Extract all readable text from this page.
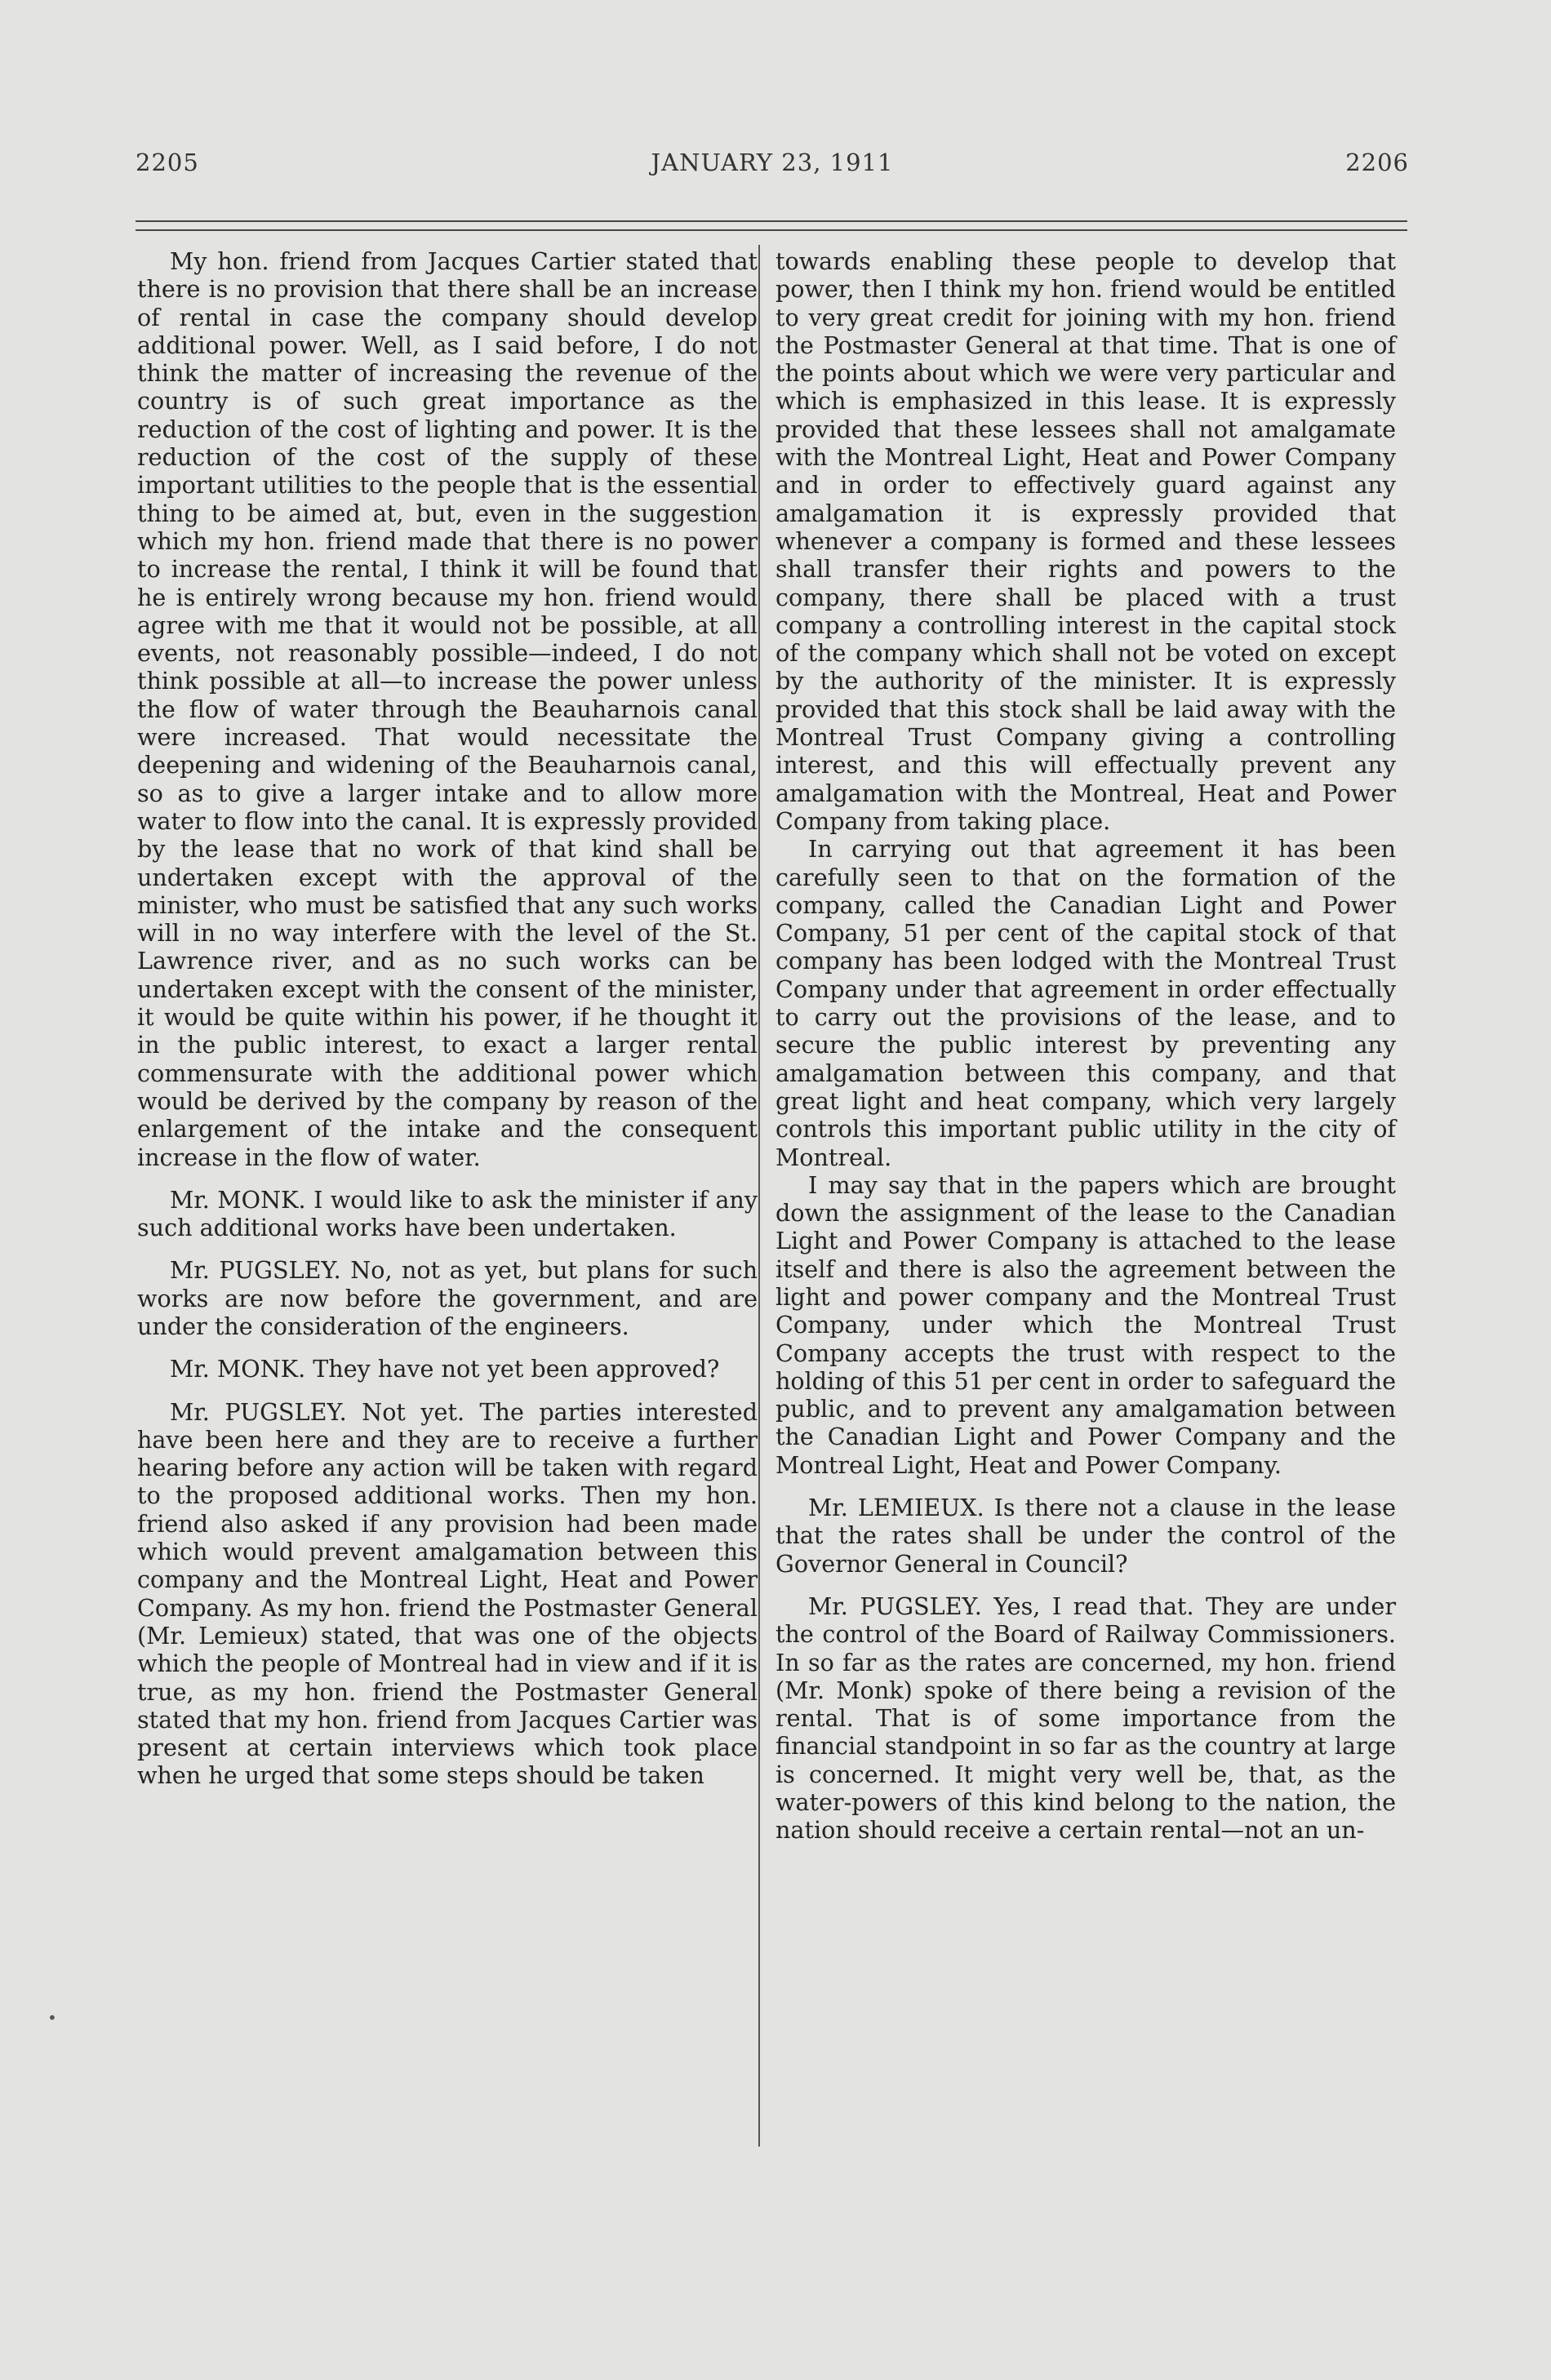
2205	JANUARY 23, 1911	2206

My hon. friend from Jacques Cartier stated that there is no provision that there shall be an increase of rental in case the company should develop additional power. Well, as I said before, I do not think the matter of increasing the revenue of the country is of such great importance as the reduction of the cost of lighting and power. It is the reduction of the cost of the supply of these important utilities to the people that is the essential thing to be aimed at, but, even in the suggestion which my hon. friend made that there is no power to increase the rental, I think it will be found that he is entirely wrong because my hon. friend would agree with me that it would not be possible, at all events, not reasonably possible—indeed, I do not think possible at all—to increase the power unless the flow of water through the Beauharnois canal were increased. That would necessitate the deepening and widening of the Beauharnois canal, so as to give a larger intake and to allow more water to flow into the canal. It is expressly provided by the lease that no work of that kind shall be undertaken except with the approval of the minister, who must be satisfied that any such works will in no way interfere with the level of the St. Lawrence river, and as no such works can be undertaken except with the consent of the minister, it would be quite within his power, if he thought it in the public interest, to exact a larger rental commensurate with the additional power which would be derived by the company by reason of the enlargement of the intake and the consequent increase in the flow of water.

Mr. MONK. I would like to ask the minister if any such additional works have been undertaken.

Mr. PUGSLEY. No, not as yet, but plans for such works are now before the government, and are under the consideration of the engineers.

Mr. MONK. They have not yet been approved?

Mr. PUGSLEY. Not yet. The parties interested have been here and they are to receive a further hearing before any action will be taken with regard to the proposed additional works. Then my hon. friend also asked if any provision had been made which would prevent amalgamation between this company and the Montreal Light, Heat and Power Company. As my hon. friend the Postmaster General (Mr. Lemieux) stated, that was one of the objects which the people of Montreal had in view and if it is true, as my hon. friend the Postmaster General stated that my hon. friend from Jacques Cartier was present at certain interviews which took place when he urged that some steps should be taken

towards enabling these people to develop that power, then I think my hon. friend would be entitled to very great credit for joining with my hon. friend the Postmaster General at that time. That is one of the points about which we were very particular and which is emphasized in this lease. It is expressly provided that these lessees shall not amalgamate with the Montreal Light, Heat and Power Company and in order to effectively guard against any amalgamation it is expressly provided that whenever a company is formed and these lessees shall transfer their rights and powers to the company, there shall be placed with a trust company a controlling interest in the capital stock of the company which shall not be voted on except by the authority of the minister. It is expressly provided that this stock shall be laid away with the Montreal Trust Company giving a controlling interest, and this will effectually prevent any amalgamation with the Montreal, Heat and Power Company from taking place.

In carrying out that agreement it has been carefully seen to that on the formation of the company, called the Canadian Light and Power Company, 51 per cent of the capital stock of that company has been lodged with the Montreal Trust Company under that agreement in order effectually to carry out the provisions of the lease, and to secure the public interest by preventing any amalgamation between this company, and that great light and heat company, which very largely controls this important public utility in the city of Montreal.

I may say that in the papers which are brought down the assignment of the lease to the Canadian Light and Power Company is attached to the lease itself and there is also the agreement between the light and power company and the Montreal Trust Company, under which the Montreal Trust Company accepts the trust with respect to the holding of this 51 per cent in order to safeguard the public, and to prevent any amalgamation between the Canadian Light and Power Company and the Montreal Light, Heat and Power Company.

Mr. LEMIEUX. Is there not a clause in the lease that the rates shall be under the control of the Governor General in Council?

Mr. PUGSLEY. Yes, I read that. They are under the control of the Board of Railway Commissioners. In so far as the rates are concerned, my hon. friend (Mr. Monk) spoke of there being a revision of the rental. That is of some importance from the financial standpoint in so far as the country at large is concerned. It might very well be, that, as the water-powers of this kind belong to the nation, the nation should receive a certain rental—not an un-

•
